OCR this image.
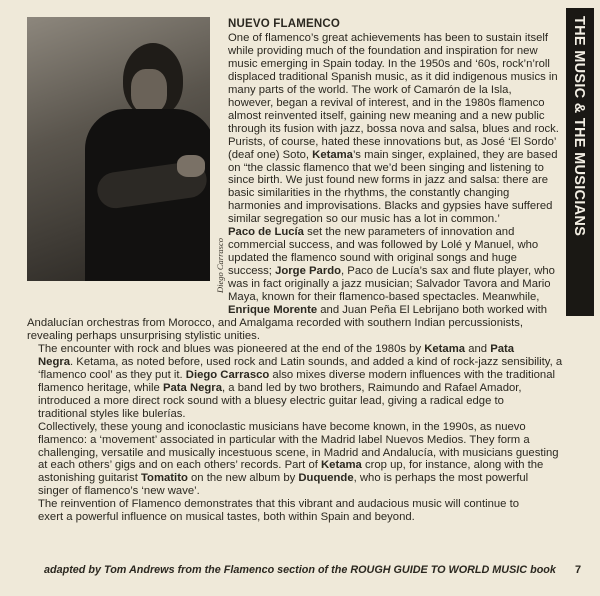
Diego Carrasco
THE MUSIC & THE MUSICIANS
NUEVO FLAMENCO
One of flamenco’s great achievements has been to sustain itself
while providing much of the foundation and inspiration for new
music emerging in Spain today. In the 1950s and ‘60s, rock’n’roll
displaced traditional Spanish music, as it did indigenous musics in
many parts of the world. The work of Camarón de la Isla,
however, began a revival of interest, and in the 1980s flamenco
almost reinvented itself, gaining new meaning and a new public
through its fusion with jazz, bossa nova and salsa, blues and rock.
Purists, of course, hated these innovations but, as José ‘El Sordo’
(deaf one) Soto, Ketama’s main singer, explained, they are based
on “the classic flamenco that we’d been singing and listening to
since birth. We just found new forms in jazz and salsa: there are
basic similarities in the rhythms, the constantly changing
harmonies and improvisations. Blacks and gypsies have suffered
similar segregation so our music has a lot in common.’
Paco de Lucía set the new parameters of innovation and
commercial success, and was followed by Lolé y Manuel, who
updated the flamenco sound with original songs and huge
success; Jorge Pardo, Paco de Lucía’s sax and flute player, who
was in fact originally a jazz musician; Salvador Tavora and Mario
Maya, known for their flamenco-based spectacles. Meanwhile,
Enrique Morente and Juan Peña El Lebrijano both worked with
Andalucían orchestras from Morocco, and Amalgama recorded with southern Indian percussionists,
revealing perhaps unsurprising stylistic unities.
The encounter with rock and blues was pioneered at the end of the 1980s by Ketama and Pata
Negra. Ketama, as noted before, used rock and Latin sounds, and added a kind of rock-jazz sensibility, a
‘flamenco cool’ as they put it. Diego Carrasco also mixes diverse modern influences with the traditional
flamenco heritage, while Pata Negra, a band led by two brothers, Raimundo and Rafael Amador,
introduced a more direct rock sound with a bluesy electric guitar lead, giving a radical edge to
traditional styles like bulerías.
Collectively, these young and iconoclastic musicians have become known, in the 1990s, as nuevo
flamenco: a ‘movement’ associated in particular with the Madrid label Nuevos Medios. They form a
challenging, versatile and musically incestuous scene, in Madrid and Andalucía, with musicians guesting
at each others’ gigs and on each others’ records. Part of Ketama crop up, for instance, along with the
astonishing guitarist Tomatito on the new album by Duquende, who is perhaps the most powerful
singer of flamenco’s ‘new wave’.
The reinvention of Flamenco demonstrates that this vibrant and audacious music will continue to
exert a powerful influence on musical tastes, both within Spain and beyond.
adapted by Tom Andrews from the Flamenco section of the ROUGH GUIDE TO WORLD MUSIC book 7
